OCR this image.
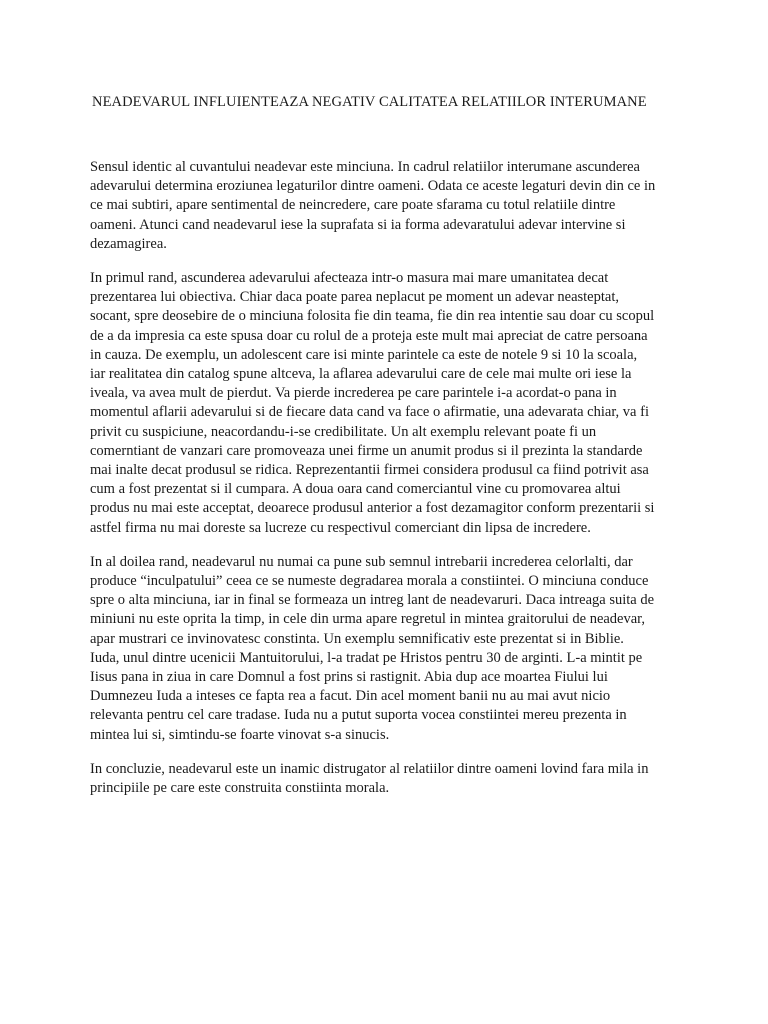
NEADEVARUL INFLUIENTEAZA NEGATIV CALITATEA RELATIILOR INTERUMANE

Sensul identic al cuvantului neadevar este minciuna. In cadrul relatiilor interumane ascunderea
adevarului determina eroziunea legaturilor dintre oameni. Odata ce aceste legaturi devin din ce in
ce mai subtiri, apare sentimental de neincredere, care poate sfarama cu totul relatiile dintre
oameni. Atunci cand neadevarul iese la suprafata si ia forma adevaratului adevar intervine si
dezamagirea.

In primul rand, ascunderea adevarului afecteaza intr-o masura mai mare umanitatea decat
prezentarea lui obiectiva. Chiar daca poate parea neplacut pe moment un adevar neasteptat,
socant, spre deosebire de o minciuna folosita fie din teama, fie din rea intentie sau doar cu scopul
de a da impresia ca este spusa doar cu rolul de a proteja este mult mai apreciat de catre persoana
in cauza. De exemplu, un adolescent care isi minte parintele ca este de notele 9 si 10 la scoala,
iar realitatea din catalog spune altceva, la aflarea adevarului care de cele mai multe ori iese la
iveala, va avea mult de pierdut. Va pierde increderea pe care parintele i-a acordat-o pana in
momentul aflarii adevarului si de fiecare data cand va face o afirmatie, una adevarata chiar, va fi
privit cu suspiciune, neacordandu-i-se credibilitate. Un alt exemplu relevant poate fi un
comerntiant de vanzari care promoveaza unei firme un anumit produs si il prezinta la standarde
mai inalte decat produsul se ridica. Reprezentantii firmei considera produsul ca fiind potrivit asa
cum a fost prezentat si il cumpara. A doua oara cand comerciantul vine cu promovarea altui
produs nu mai este acceptat, deoarece produsul anterior a fost dezamagitor conform prezentarii si
astfel firma nu mai doreste sa lucreze cu respectivul comerciant din lipsa de incredere.

In al doilea rand, neadevarul nu numai ca pune sub semnul intrebarii increderea celorlalti, dar
produce “inculpatului” ceea ce se numeste degradarea morala a constiintei. O minciuna conduce
spre o alta minciuna, iar in final se formeaza un intreg lant de neadevaruri. Daca intreaga suita de
miniuni nu este oprita la timp, in cele din urma apare regretul in mintea graitorului de neadevar,
apar mustrari ce invinovatesc constinta. Un exemplu semnificativ este prezentat si in Biblie.
Iuda, unul dintre ucenicii Mantuitorului, l-a tradat pe Hristos pentru 30 de arginti. L-a mintit pe
Iisus pana in ziua in care Domnul a fost prins si rastignit. Abia dup ace moartea Fiului lui
Dumnezeu Iuda a inteses ce fapta rea a facut. Din acel moment banii nu au mai avut nicio
relevanta pentru cel care tradase. Iuda nu a putut suporta vocea constiintei mereu prezenta in
mintea lui si, simtindu-se foarte vinovat s-a sinucis.

In concluzie, neadevarul este un inamic distrugator al relatiilor dintre oameni lovind fara mila in
principiile pe care este construita constiinta morala.
